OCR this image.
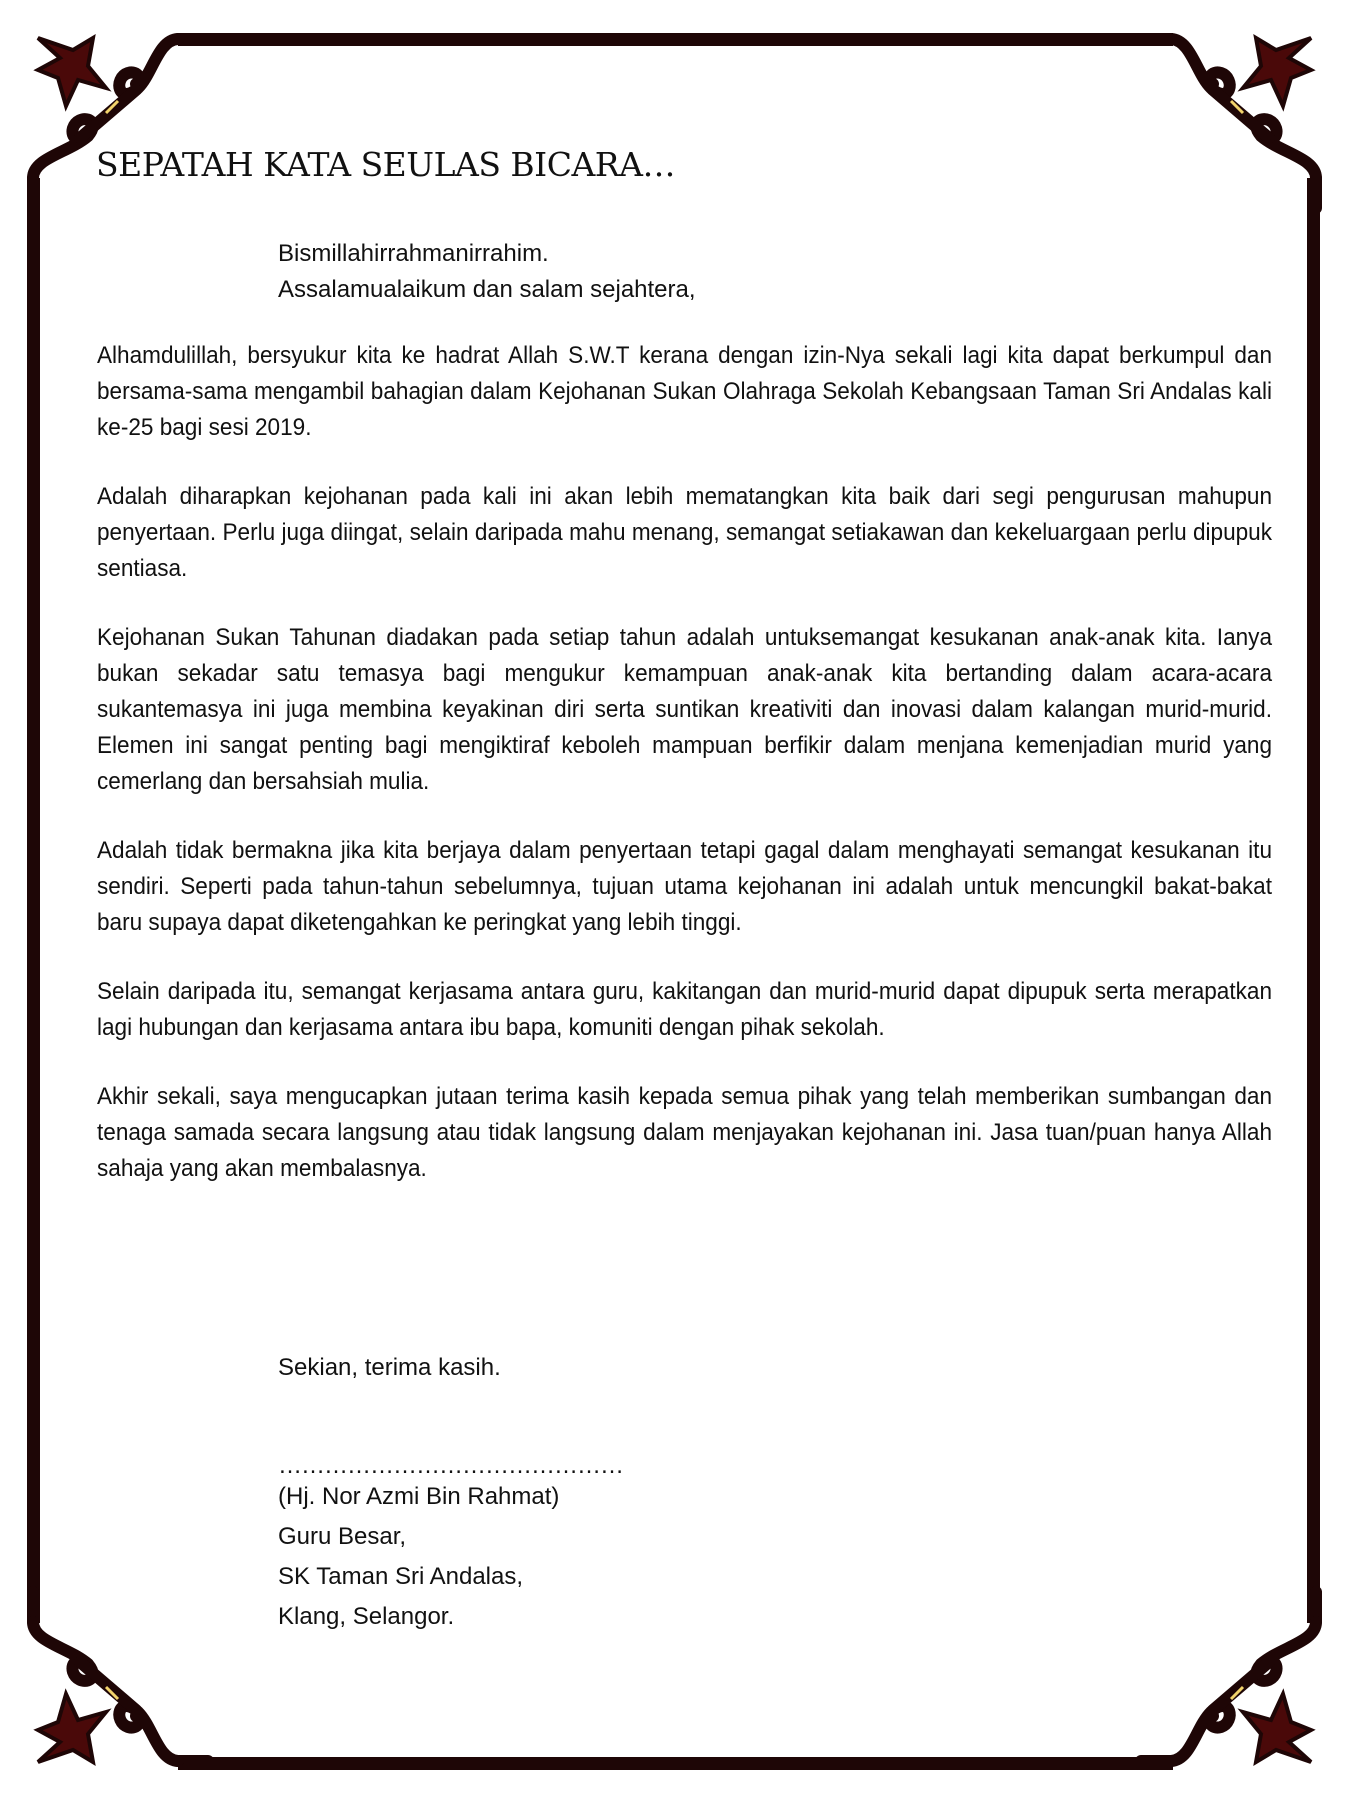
SEPATAH KATA SEULAS BICARA…
Bismillahirrahmanirrahim.
Assalamualaikum dan salam sejahtera,

Alhamdulillah, bersyukur kita ke hadrat Allah S.W.T kerana dengan izin-Nya sekali lagi kita dapat berkumpul dan bersama-sama mengambil bahagian dalam Kejohanan Sukan Olahraga Sekolah Kebangsaan Taman Sri Andalas kali ke-25 bagi sesi 2019.

Adalah diharapkan kejohanan pada kali ini akan lebih mematangkan kita baik dari segi pengurusan mahupun penyertaan. Perlu juga diingat, selain daripada mahu menang, semangat setiakawan dan kekeluargaan perlu dipupuk sentiasa.

Kejohanan Sukan Tahunan diadakan pada setiap tahun adalah untuksemangat kesukanan anak-anak kita. Ianya bukan sekadar satu temasya bagi mengukur kemampuan anak-anak kita bertanding dalam acara-acara sukantemasya ini juga membina keyakinan diri serta suntikan kreativiti dan inovasi dalam kalangan murid-murid. Elemen ini sangat penting bagi mengiktiraf keboleh mampuan berfikir dalam menjana kemenjadian murid yang cemerlang dan bersahsiah mulia.

Adalah tidak bermakna jika kita berjaya dalam penyertaan tetapi gagal dalam menghayati semangat kesukanan itu sendiri. Seperti pada tahun-tahun sebelumnya, tujuan utama kejohanan ini adalah untuk mencungkil bakat-bakat baru supaya dapat diketengahkan ke peringkat yang lebih tinggi.

Selain daripada itu, semangat kerjasama antara guru, kakitangan dan murid-murid dapat dipupuk serta merapatkan lagi hubungan dan kerjasama antara ibu bapa, komuniti dengan pihak sekolah.

Akhir sekali, saya mengucapkan jutaan terima kasih kepada semua pihak yang telah memberikan sumbangan dan tenaga samada secara langsung atau tidak langsung dalam menjayakan kejohanan ini. Jasa tuan/puan hanya Allah sahaja yang akan membalasnya.

Sekian, terima kasih.
………………………………………
(Hj. Nor Azmi Bin Rahmat)
Guru Besar,
SK Taman Sri Andalas,
Klang, Selangor.
